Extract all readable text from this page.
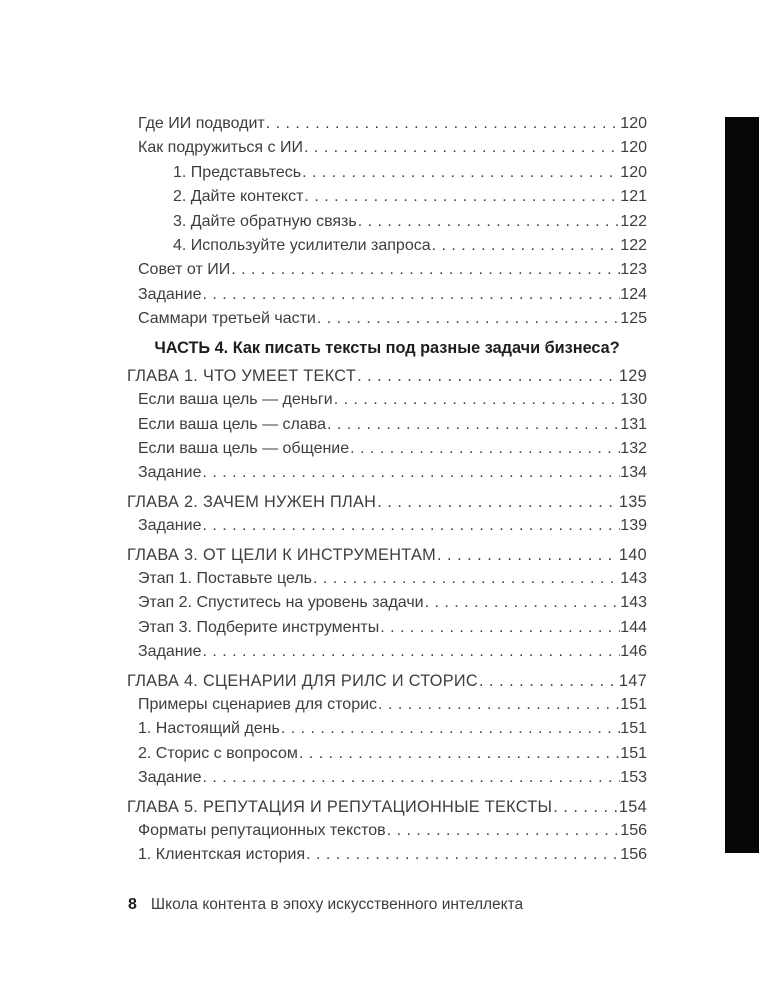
Где ИИ подводит . . .	120
Как подружиться с ИИ . . .	120
1. Представьтесь . . .	120
2. Дайте контекст . . .	121
3. Дайте обратную связь . . .	122
4. Используйте усилители запроса . . .	122
Совет от ИИ . . .	123
Задание . . .	124
Саммари третьей части . . .	125
ЧАСТЬ 4. Как писать тексты под разные задачи бизнеса?
ГЛАВА 1. ЧТО УМЕЕТ ТЕКСТ . . .	129
Если ваша цель — деньги . . .	130
Если ваша цель — слава . . .	131
Если ваша цель — общение . . .	132
Задание . . .	134
ГЛАВА 2. ЗАЧЕМ НУЖЕН ПЛАН . . .	135
Задание . . .	139
ГЛАВА 3. ОТ ЦЕЛИ К ИНСТРУМЕНТАМ . . .	140
Этап 1. Поставьте цель . . .	143
Этап 2. Спуститесь на уровень задачи . . .	143
Этап 3. Подберите инструменты . . .	144
Задание . . .	146
ГЛАВА 4. СЦЕНАРИИ ДЛЯ РИЛС И СТОРИС . . .	147
Примеры сценариев для сторис . . .	151
1. Настоящий день . . .	151
2. Сторис с вопросом . . .	151
Задание . . .	153
ГЛАВА 5. РЕПУТАЦИЯ И РЕПУТАЦИОННЫЕ ТЕКСТЫ . . .	154
Форматы репутационных текстов . . .	156
1. Клиентская история . . .	156
8 Школа контента в эпоху искусственного интеллекта
